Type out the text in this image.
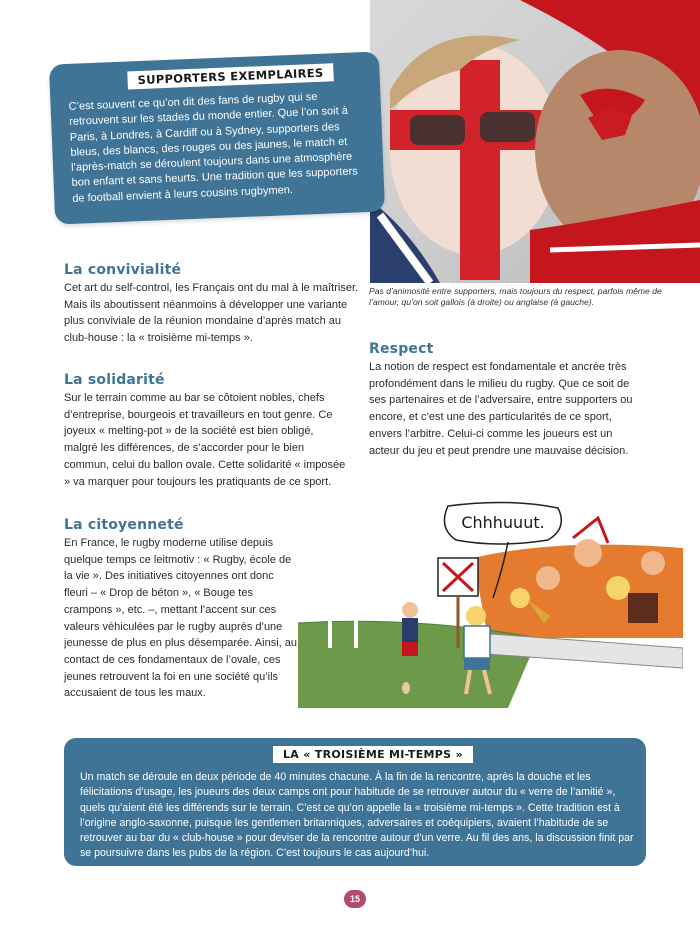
Pas d’animosité entre supporters, mais toujours du respect, parfois même de l’amour, qu’on soit gallois (à droite) ou anglaise (à gauche).
SUPPORTERS EXEMPLAIRES
C’est souvent ce qu’on dit des fans de rugby qui se retrouvent sur les stades du monde entier. Que l’on soit à Paris, à Londres, à Cardiff ou à Sydney, supporters des bleus, des blancs, des rouges ou des jaunes, le match et l’après-match se déroulent toujours dans une atmosphère bon enfant et sans heurts. Une tradition que les supporters de football envient à leurs cousins rugbymen.
La convivialité
Cet art du self-control, les Français ont du mal à le maîtriser. Mais ils aboutissent néanmoins à développer une variante plus conviviale de la réunion mondaine d’après match au club-house : la « troisième mi-temps ».
La solidarité
Sur le terrain comme au bar se côtoient nobles, chefs d’entreprise, bourgeois et travailleurs en tout genre. Ce joyeux « melting-pot » de la société est bien obligé, malgré les différences, de s’accorder pour le bien commun, celui du ballon ovale. Cette solidarité « imposée » va marquer pour toujours les pratiquants de ce sport.
Respect
La notion de respect est fondamentale et ancrée très profondément dans le milieu du rugby. Que ce soit de ses partenaires et de l’adversaire, entre supporters ou encore, et c’est une des particularités de ce sport, envers l’arbitre. Celui-ci comme les joueurs est un acteur du jeu et peut prendre une mauvaise décision.
La citoyenneté
En France, le rugby moderne utilise depuis quelque temps ce leitmotiv : « Rugby, école de la vie ». Des initiatives citoyennes ont donc fleuri – « Drop de béton », « Bouge tes crampons », etc. –, mettant l’accent sur ces valeurs véhiculées par le rugby auprès d’une jeunesse de plus en plus désemparée. Ainsi, au contact de ces fondamentaux de l’ovale, ces jeunes retrouvent la foi en une société qu’ils accusaient de tous les maux.
Chhhuuut.
LA « TROISIÈME MI-TEMPS »
Un match se déroule en deux période de 40 minutes chacune. À la fin de la rencontre, après la douche et les félicitations d’usage, les joueurs des deux camps ont pour habitude de se retrouver autour du « verre de l’amitié », quels qu’aient été les différends sur le terrain. C’est ce qu’on appelle la « troisième mi-temps ». Cette tradition est à l’origine anglo-saxonne, puisque les gentlemen britanniques, adversaires et coéquipiers, avaient l’habitude de se retrouver au bar du « club-house » pour deviser de la rencontre autour d’un verre. Au fil des ans, la discussion finit par se poursuivre dans les pubs de la région. C’est toujours le cas aujourd’hui.
15
